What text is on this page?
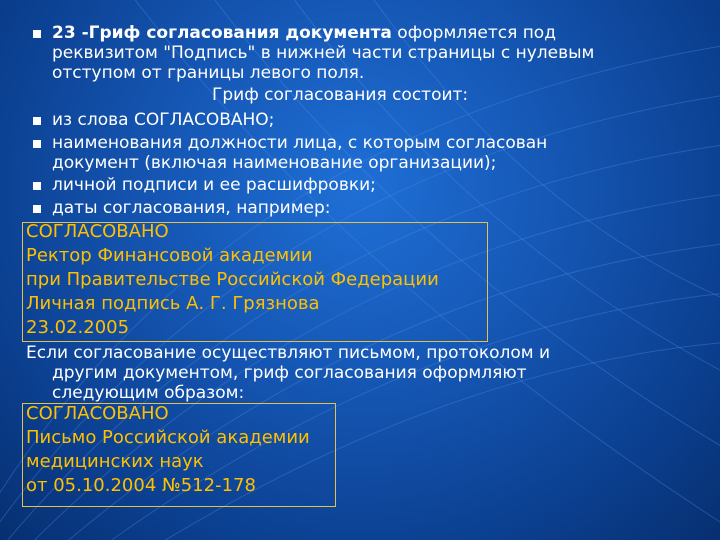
23 -Гриф согласования документа оформляется под
реквизитом "Подпись" в нижней части страницы с нулевым
отступом от границы левого поля.
Гриф согласования состоит:
из слова СОГЛАСОВАНО;
наименования должности лица, с которым согласован
документ (включая наименование организации);
личной подписи и ее расшифровки;
даты согласования, например:
СОГЛАСОВАНО
Ректор Финансовой академии
при Правительстве Российской Федерации
Личная подпись А. Г. Грязнова
23.02.2005
Если согласование осуществляют письмом, протоколом и
другим документом, гриф согласования оформляют
следующим образом:
СОГЛАСОВАНО
Письмо Российской академии
медицинских наук
от 05.10.2004 №512-178
